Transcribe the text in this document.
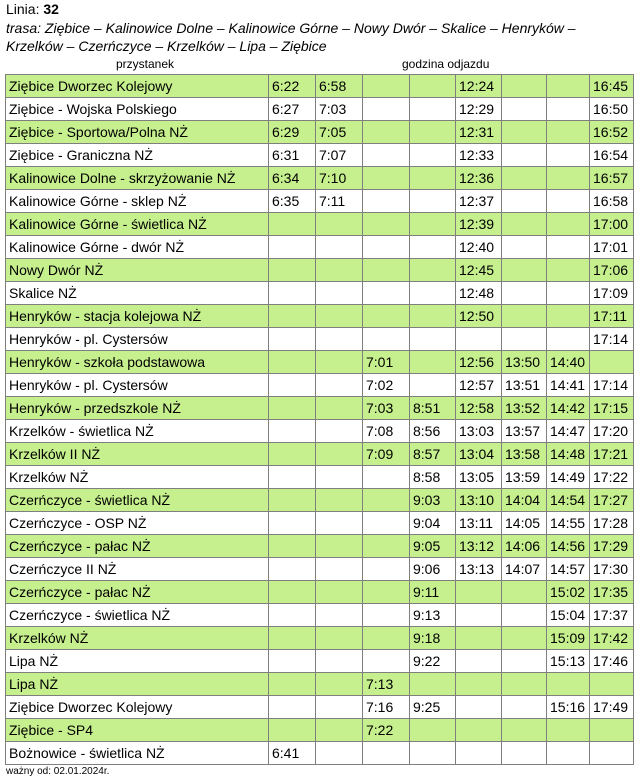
Linia: 32
trasa: Ziębice – Kalinowice Dolne – Kalinowice Górne – Nowy Dwór – Skalice – Henryków – Krzelków – Czerńczyce – Krzelków – Lipa – Ziębice
przystanek	godzina odjazdu
Ziębice Dworzec Kolejowy	6:22	6:58			12:24			16:45
Ziębice - Wojska Polskiego	6:27	7:03			12:29			16:50
Ziębice - Sportowa/Polna NŻ	6:29	7:05			12:31			16:52
Ziębice - Graniczna NŻ	6:31	7:07			12:33			16:54
Kalinowice Dolne - skrzyżowanie NŻ	6:34	7:10			12:36			16:57
Kalinowice Górne - sklep NŻ	6:35	7:11			12:37			16:58
Kalinowice Górne - świetlica NŻ					12:39			17:00
Kalinowice Górne - dwór NŻ					12:40			17:01
Nowy Dwór NŻ					12:45			17:06
Skalice NŻ					12:48			17:09
Henryków - stacja kolejowa NŻ					12:50			17:11
Henryków - pl. Cystersów								17:14
Henryków - szkoła podstawowa			7:01		12:56	13:50	14:40	
Henryków - pl. Cystersów			7:02		12:57	13:51	14:41	17:14
Henryków - przedszkole NŻ			7:03	8:51	12:58	13:52	14:42	17:15
Krzelków - świetlica NŻ			7:08	8:56	13:03	13:57	14:47	17:20
Krzelków II NŻ			7:09	8:57	13:04	13:58	14:48	17:21
Krzelków NŻ				8:58	13:05	13:59	14:49	17:22
Czerńczyce - świetlica NŻ				9:03	13:10	14:04	14:54	17:27
Czerńczyce - OSP NŻ				9:04	13:11	14:05	14:55	17:28
Czerńczyce - pałac NŻ				9:05	13:12	14:06	14:56	17:29
Czerńczyce II NŻ				9:06	13:13	14:07	14:57	17:30
Czerńczyce - pałac NŻ				9:11			15:02	17:35
Czerńczyce - świetlica NŻ				9:13			15:04	17:37
Krzelków NŻ				9:18			15:09	17:42
Lipa NŻ				9:22			15:13	17:46
Lipa NŻ			7:13					
Ziębice Dworzec Kolejowy			7:16	9:25			15:16	17:49
Ziębice - SP4			7:22					
Bożnowice - świetlica NŻ	6:41							
ważny od: 02.01.2024r.
